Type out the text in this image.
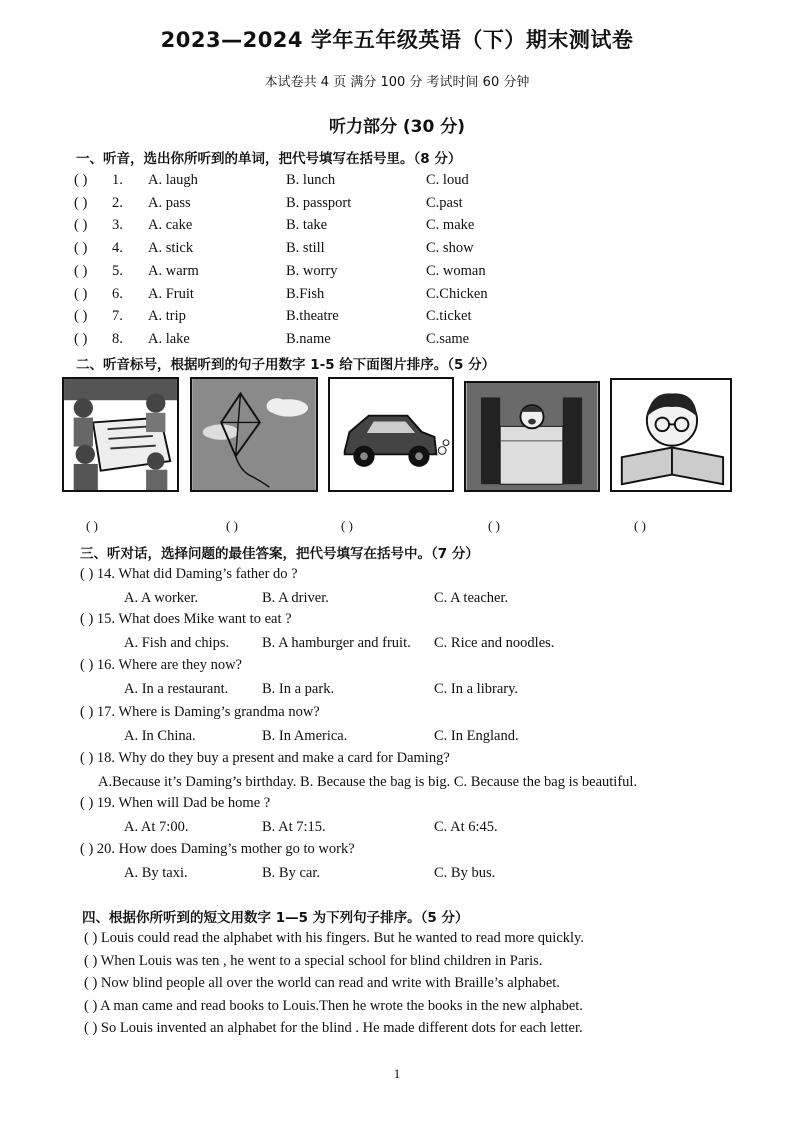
2023—2024 学年五年级英语（下）期末测试卷
本试卷共 4 页 满分 100 分 考试时间 60 分钟
听力部分 (30 分)
一、听音，选出你所听到的单词，把代号填写在括号里。（8 分）
( ) 1. A. laugh	B. lunch	C. loud
( ) 2. A. pass	B. passport	C.past
( ) 3. A. cake	B. take	C. make
( ) 4. A. stick	B. still	C. show
( ) 5. A. warm	B. worry	C. woman
( ) 6. A. Fruit	B.Fish	C.Chicken
( ) 7. A. trip	B.theatre	C.ticket
( ) 8. A. lake	B.name	C.same
二、听音标号，根据听到的句子用数字 1-5 给下面图片排序。（5 分）
( )	( )	( )	( )	( )
三、听对话，选择问题的最佳答案，把代号填写在括号中。（7 分）
( ) 14. What did Daming’s father do ?
A. A worker.	B. A driver.	C. A teacher.
( ) 15. What does Mike want to eat ?
A. Fish and chips. B. A hamburger and fruit. C. Rice and noodles.
( ) 16. Where are they now?
A. In a restaurant. B. In a park.	C. In a library.
( ) 17. Where is Daming’s grandma now?
A. In China.	B. In America.	C. In England.
( ) 18. Why do they buy a present and make a card for Daming?
A.Because it’s Daming’s birthday. B. Because the bag is big. C. Because the bag is beautiful.
( ) 19. When will Dad be home ?
A. At 7:00.	B. At 7:15.	C. At 6:45.
( ) 20. How does Daming’s mother go to work?
A. By taxi.	B. By car.	C. By bus.
四、根据你所听到的短文用数字 1—5 为下列句子排序。（5 分）
( ) Louis could read the alphabet with his fingers. But he wanted to read more quickly.
( ) When Louis was ten , he went to a special school for blind children in Paris.
( ) Now blind people all over the world can read and write with Braille’s alphabet.
( ) A man came and read books to Louis.Then he wrote the books in the new alphabet.
( ) So Louis invented an alphabet for the blind . He made different dots for each letter.
1
